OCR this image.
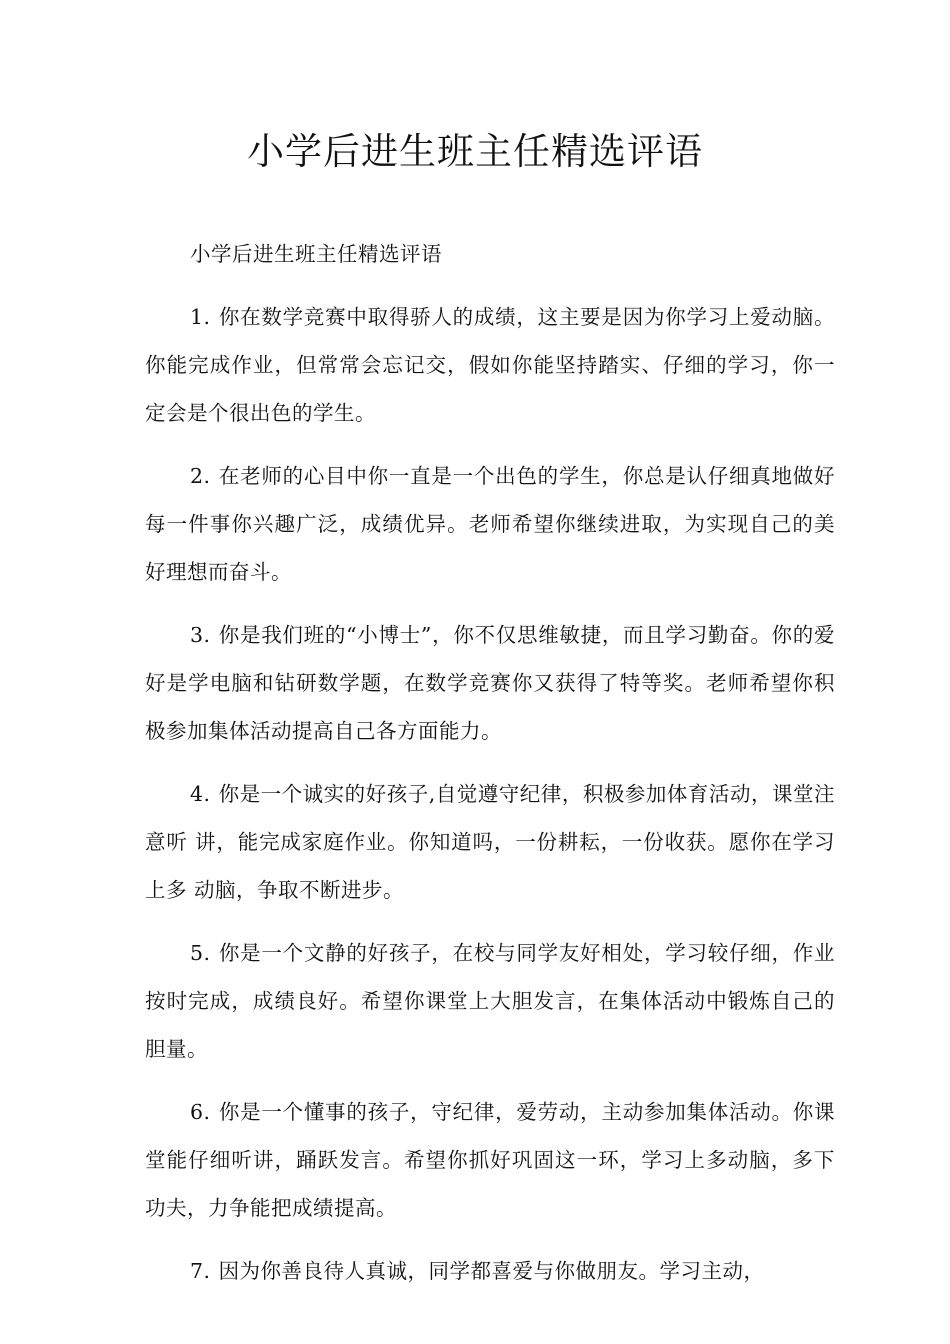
小学后进生班主任精选评语

小学后进生班主任精选评语

1. 你在数学竞赛中取得骄人的成绩，这主要是因为你学习上爱动脑。你能完成作业，但常常会忘记交，假如你能坚持踏实、仔细的学习，你一定会是个很出色的学生。

2. 在老师的心目中你一直是一个出色的学生，你总是认仔细真地做好每一件事你兴趣广泛，成绩优异。老师希望你继续进取，为实现自己的美好理想而奋斗。

3. 你是我们班的“小博士”，你不仅思维敏捷，而且学习勤奋。你的爱好是学电脑和钻研数学题，在数学竞赛你又获得了特等奖。老师希望你积极参加集体活动提高自己各方面能力。

4. 你是一个诚实的好孩子,自觉遵守纪律，积极参加体育活动，课堂注意听 讲，能完成家庭作业。你知道吗，一份耕耘，一份收获。愿你在学习上多 动脑，争取不断进步。

5. 你是一个文静的好孩子，在校与同学友好相处，学习较仔细，作业按时完成，成绩良好。希望你课堂上大胆发言，在集体活动中锻炼自己的胆量。

6. 你是一个懂事的孩子，守纪律，爱劳动，主动参加集体活动。你课堂能仔细听讲，踊跃发言。希望你抓好巩固这一环，学习上多动脑，多下功夫，力争能把成绩提高。

7. 因为你善良待人真诚，同学都喜爱与你做朋友。学习主动，
